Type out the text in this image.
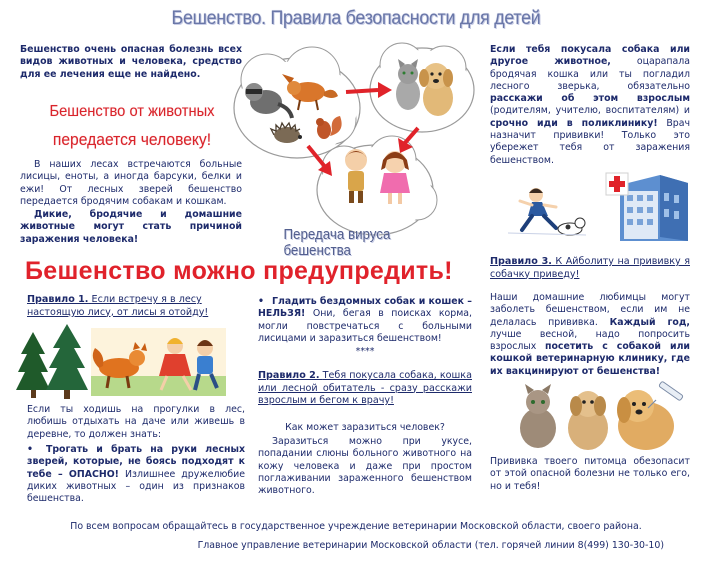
Бешенство. Правила безопасности для детей
Бешенство очень опасная болезнь всех видов животных и человека, средство для ее лечения еще не найдено.
Бешенство от животных
передается человеку!
В наших лесах встречаются больные лисицы, еноты, а иногда барсуки, белки и ежи! От лесных зверей бешенство передается бродячим собакам и кошкам.
Дикие, бродячие и домашние животные могут стать причиной заражения человека!	Передача вируса бешенства
Если тебя покусала собака или другое животное,	оцарапала бродячая кошка или ты погладил лесного зверька, обязательно расскажи об этом взрослым (родителям, учителю, воспитателям) и срочно иди в поликлинику! Врач назначит прививки! Только это убережет тебя от заражения бешенством.
Бешенство можно предупредить!
Правило 1. Если встречу я в лесу настоящую лису, от лисы я отойду!
Если ты ходишь на прогулки в лес, любишь отдыхать на даче или живешь в деревне, то должен знать:
• Трогать и брать на руки лесных зверей, которые, не боясь подходят к тебе – ОПАСНО! Излишнее дружелюбие диких животных – один из признаков бешенства.
• Гладить бездомных собак и кошек – НЕЛЬЗЯ! Они, бегая в поисках корма, могли повстречаться с больными лисицами и заразиться бешенством!
****
Правило 2. Тебя покусала собака, кошка или лесной обитатель - сразу расскажи взрослым и бегом к врачу!
Как может заразиться человек?
Заразиться можно при укусе, попадании слюны больного животного на кожу человека и даже при простом поглаживании зараженного бешенством животного.
Правило 3. К Айболиту на прививку я собачку приведу!
Наши домашние любимцы могут заболеть бешенством, если им не делалась прививка. Каждый год, лучше весной, надо попросить взрослых посетить с собакой или кошкой ветеринарную клинику, где их вакцинируют от бешенства!
Прививка твоего питомца обезопасит от этой опасной болезни не только его, но и тебя!
По всем вопросам обращайтесь в государственное учреждение ветеринарии Московской области, своего района.
Главное управление ветеринарии Московской области (тел. горячей линии 8(499) 130-30-10)
